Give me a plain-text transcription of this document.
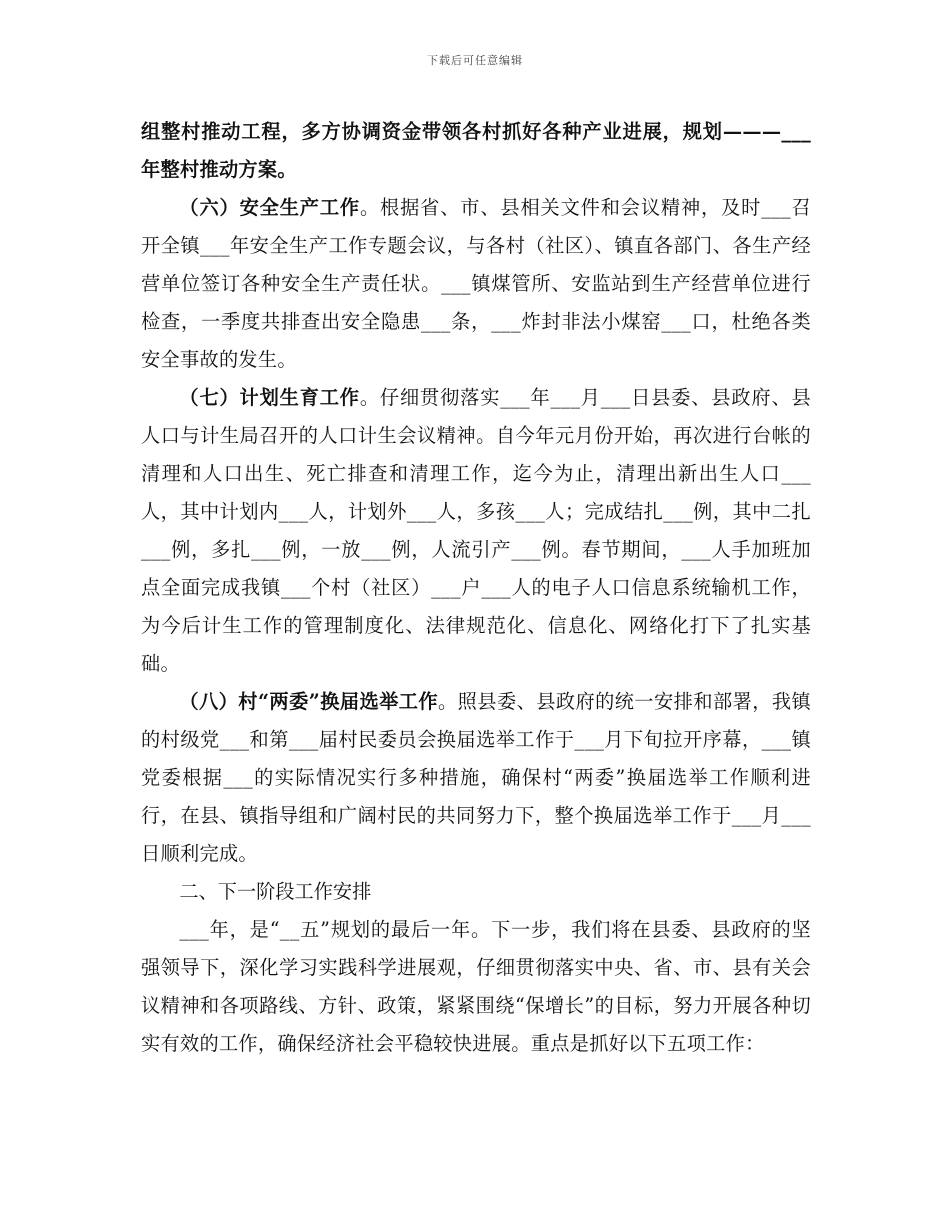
下载后可任意编辑

组整村推动工程，多方协调资金带领各村抓好各种产业进展，规划———___年整村推动方案。

（六）安全生产工作。根据省、市、县相关文件和会议精神，及时___召开全镇___年安全生产工作专题会议，与各村（社区）、镇直各部门、各生产经营单位签订各种安全生产责任状。___镇煤管所、安监站到生产经营单位进行检查，一季度共排查出安全隐患___条，___炸封非法小煤窑___口，杜绝各类安全事故的发生。

（七）计划生育工作。仔细贯彻落实___年___月___日县委、县政府、县人口与计生局召开的人口计生会议精神。自今年元月份开始，再次进行台帐的清理和人口出生、死亡排查和清理工作，迄今为止，清理出新出生人口___人，其中计划内___人，计划外___人，多孩___人；完成结扎___例，其中二扎___例，多扎___例，一放___例，人流引产___例。春节期间，___人手加班加点全面完成我镇___个村（社区）___户___人的电子人口信息系统输机工作，为今后计生工作的管理制度化、法律规范化、信息化、网络化打下了扎实基础。

（八）村“两委”换届选举工作。照县委、县政府的统一安排和部署，我镇的村级党___和第___届村民委员会换届选举工作于___月下旬拉开序幕，___镇党委根据___的实际情况实行多种措施，确保村“两委”换届选举工作顺利进行，在县、镇指导组和广阔村民的共同努力下，整个换届选举工作于___月___日顺利完成。

二、下一阶段工作安排

___年，是“__五”规划的最后一年。下一步，我们将在县委、县政府的坚强领导下，深化学习实践科学进展观，仔细贯彻落实中央、省、市、县有关会议精神和各项路线、方针、政策，紧紧围绕“保增长”的目标，努力开展各种切实有效的工作，确保经济社会平稳较快进展。重点是抓好以下五项工作：
